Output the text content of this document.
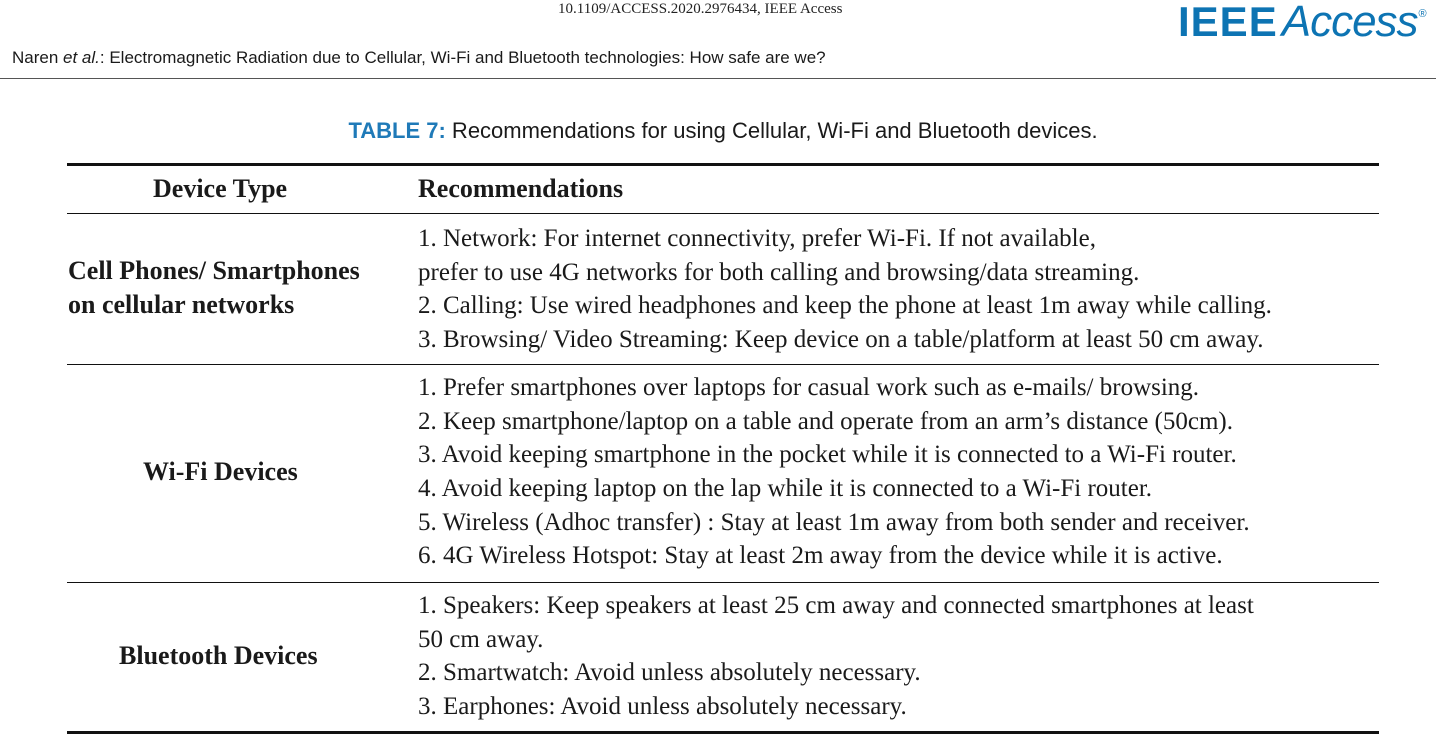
10.1109/ACCESS.2020.2976434, IEEE Access	IEEE Access ®
Naren et al.: Electromagnetic Radiation due to Cellular, Wi-Fi and Bluetooth technologies: How safe are we?
TABLE 7: Recommendations for using Cellular, Wi-Fi and Bluetooth devices.
Device Type	Recommendations
Cell Phones/ Smartphones
on cellular networks
1. Network: For internet connectivity, prefer Wi-Fi. If not available,
prefer to use 4G networks for both calling and browsing/data streaming.
2. Calling: Use wired headphones and keep the phone at least 1m away while calling.
3. Browsing/ Video Streaming: Keep device on a table/platform at least 50 cm away.
Wi-Fi Devices
1. Prefer smartphones over laptops for casual work such as e-mails/ browsing.
2. Keep smartphone/laptop on a table and operate from an arm’s distance (50cm).
3. Avoid keeping smartphone in the pocket while it is connected to a Wi-Fi router.
4. Avoid keeping laptop on the lap while it is connected to a Wi-Fi router.
5. Wireless (Adhoc transfer) : Stay at least 1m away from both sender and receiver.
6. 4G Wireless Hotspot: Stay at least 2m away from the device while it is active.
Bluetooth Devices
1. Speakers: Keep speakers at least 25 cm away and connected smartphones at least
50 cm away.
2. Smartwatch: Avoid unless absolutely necessary.
3. Earphones: Avoid unless absolutely necessary.
